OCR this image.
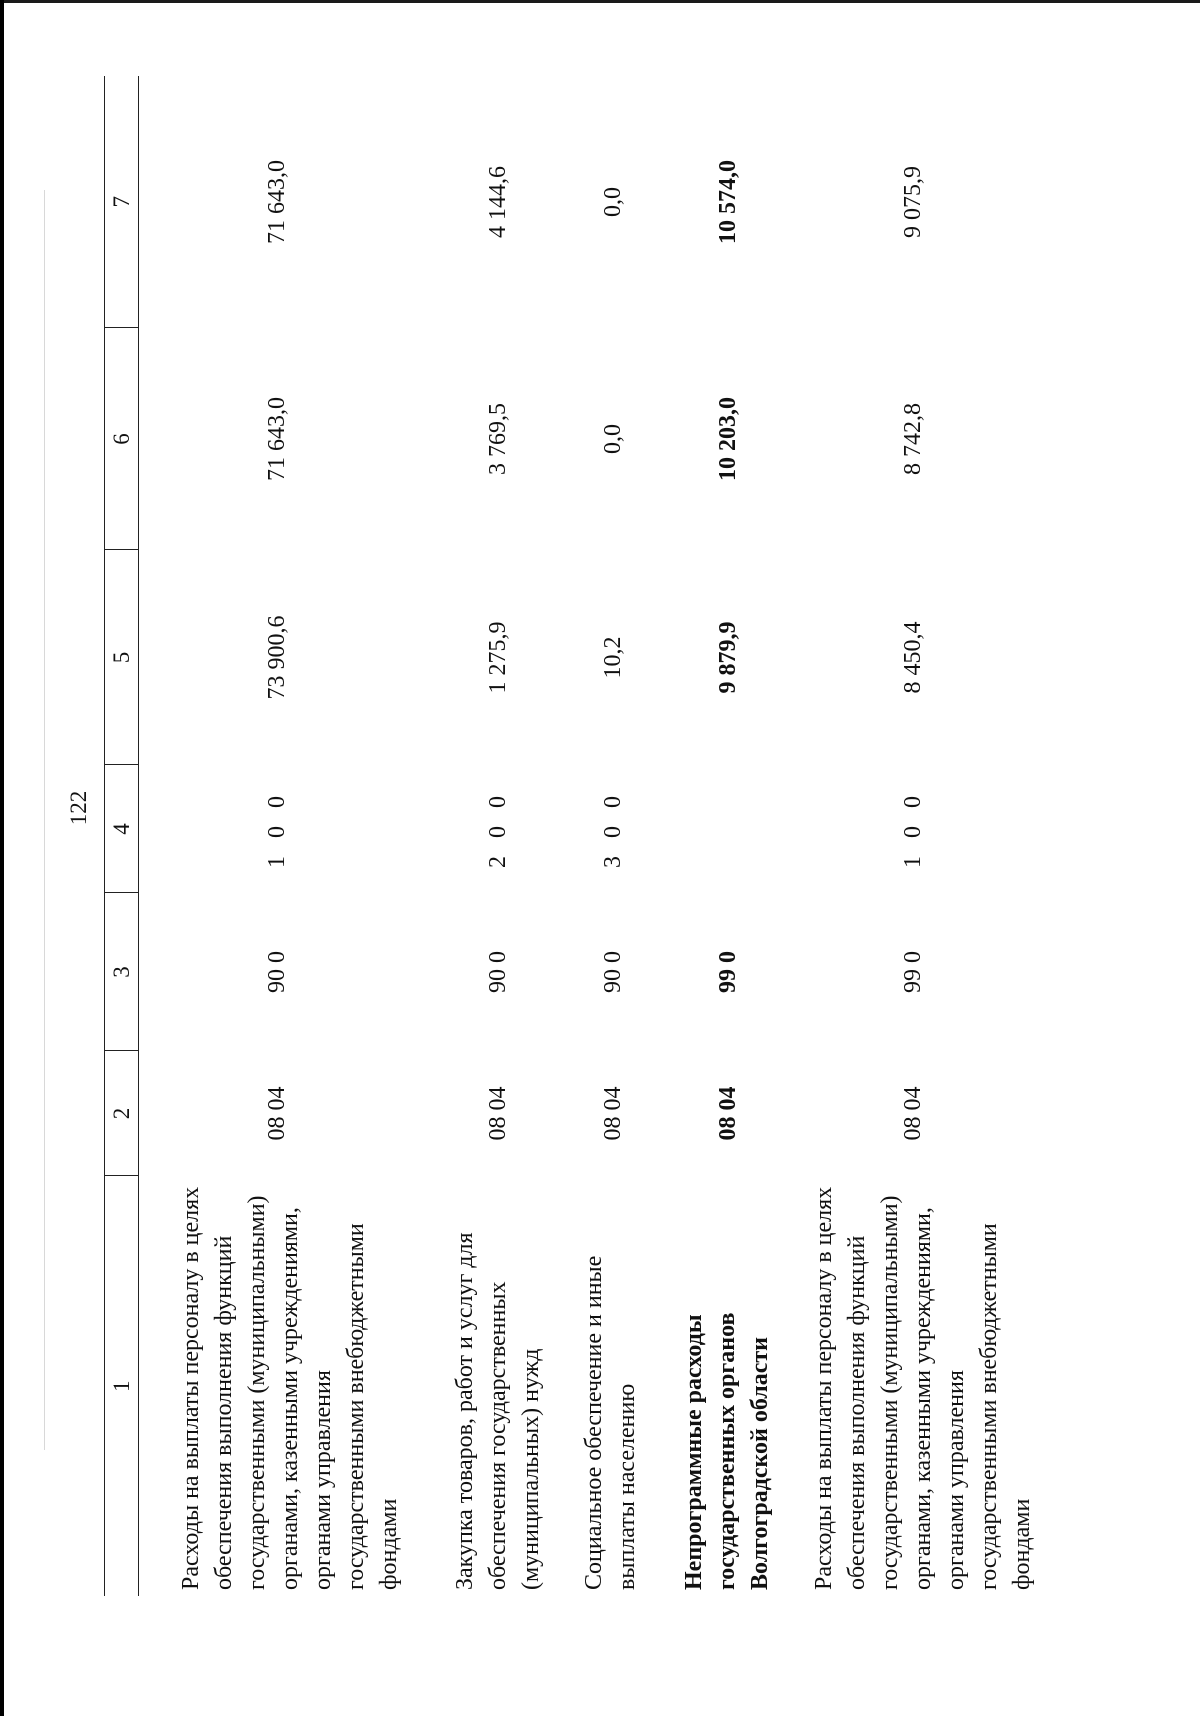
122
1	2	3	4	5	6	7
Расходы на выплаты персоналу в целях обеспечения выполнения функций государственными (муниципальными) органами, казенными учреждениями, органами управления государственными внебюджетными фондами	08 04	90 0	1 0 0	73 900,6	71 643,0	71 643,0
Закупка товаров, работ и услуг для обеспечения государственных (муниципальных) нужд	08 04	90 0	2 0 0	1 275,9	3 769,5	4 144,6
Социальное обеспечение и иные выплаты населению	08 04	90 0	3 0 0	10,2	0,0	0,0
Непрограммные расходы государственных органов Волгоградской области	08 04	99 0		9 879,9	10 203,0	10 574,0
Расходы на выплаты персоналу в целях обеспечения выполнения функций государственными (муниципальными) органами, казенными учреждениями, органами управления государственными внебюджетными фондами	08 04	99 0	1 0 0	8 450,4	8 742,8	9 075,9
